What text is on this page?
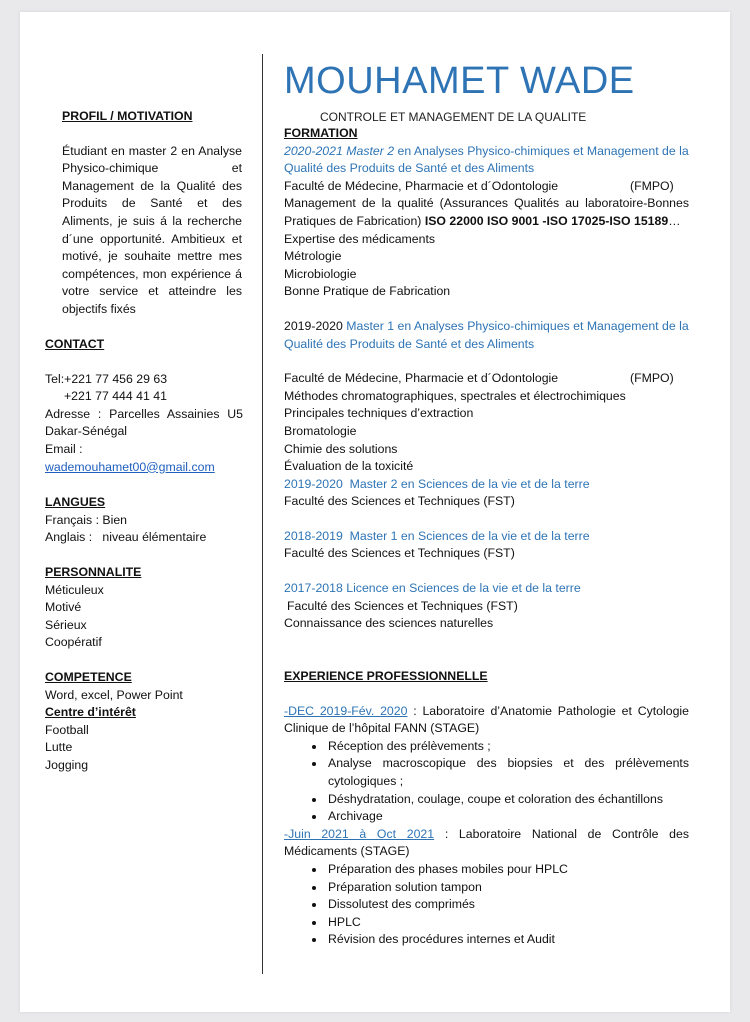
MOUHAMET WADE
CONTROLE ET MANAGEMENT DE LA QUALITE
PROFIL / MOTIVATION
Étudiant en master 2 en Analyse Physico-chimique et Management de la Qualité des Produits de Santé et des Aliments, je suis á la recherche d´une opportunité. Ambitieux et motivé, je souhaite mettre mes compétences, mon expérience á votre service et atteindre les objectifs fixés
CONTACT
Tel:+221 77 456 29 63
+221 77 444 41 41
Adresse : Parcelles Assainies U5 Dakar-Sénégal
Email :
wademouhamet00@gmail.com
LANGUES
Français : Bien
Anglais :   niveau élémentaire
PERSONNALITE
Méticuleux
Motivé
Sérieux
Coopératif
COMPETENCE
Word, excel, Power Point
Centre d’intérêt
Football
Lutte
Jogging
FORMATION
2020-2021 Master 2 en Analyses Physico-chimiques et Management de la Qualité des Produits de Santé et des Aliments
Faculté de Médecine, Pharmacie et d´Odontologie	(FMPO)
Management de la qualité (Assurances Qualités au laboratoire-Bonnes Pratiques de Fabrication) ISO 22000 ISO 9001 -ISO 17025-ISO 15189…
Expertise des médicaments
Métrologie
Microbiologie
Bonne Pratique de Fabrication
2019-2020 Master 1 en Analyses Physico-chimiques et Management de la Qualité des Produits de Santé et des Aliments
Faculté de Médecine, Pharmacie et d´Odontologie	(FMPO)
Méthodes chromatographiques, spectrales et électrochimiques
Principales techniques d’extraction
Bromatologie
Chimie des solutions
Évaluation de la toxicité
2019-2020 Master 2 en Sciences de la vie et de la terre
Faculté des Sciences et Techniques (FST)
2018-2019 Master 1 en Sciences de la vie et de la terre
Faculté des Sciences et Techniques (FST)
2017-2018 Licence en Sciences de la vie et de la terre
Faculté des Sciences et Techniques (FST)
Connaissance des sciences naturelles
EXPERIENCE PROFESSIONNELLE
-DEC 2019-Fév. 2020 : Laboratoire d’Anatomie Pathologie et Cytologie Clinique de l’hôpital FANN (STAGE)
• Réception des prélèvements ;
• Analyse macroscopique des biopsies et des prélèvements cytologiques ;
• Déshydratation, coulage, coupe et coloration des échantillons
• Archivage
-Juin 2021 à Oct 2021 : Laboratoire National de Contrôle des Médicaments (STAGE)
• Préparation des phases mobiles pour HPLC
• Préparation solution tampon
• Dissolutest des comprimés
• HPLC
• Révision des procédures internes et Audit
